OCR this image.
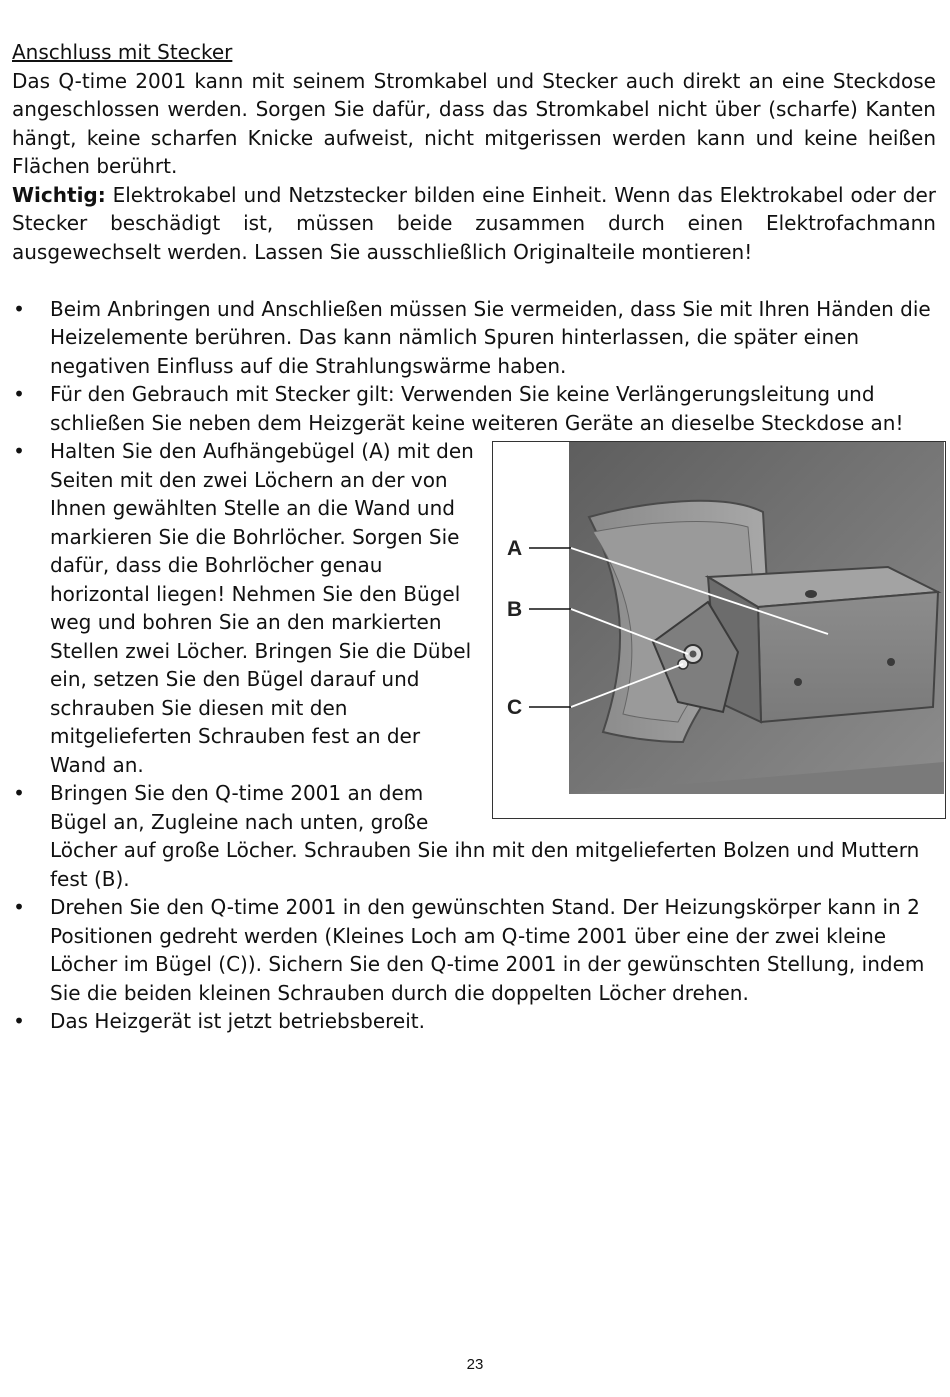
Anschluss mit Stecker

Das Q-time 2001 kann mit seinem Stromkabel und Stecker auch direkt an eine Steckdose angeschlossen werden. Sorgen Sie dafür, dass das Stromkabel nicht über (scharfe) Kanten hängt, keine scharfen Knicke aufweist, nicht mitgerissen werden kann und keine heißen Flächen berührt.

Wichtig: Elektrokabel und Netzstecker bilden eine Einheit. Wenn das Elektrokabel oder der Stecker beschädigt ist, müssen beide zusammen durch einen Elektrofachmann ausgewechselt werden. Lassen Sie ausschließlich Originalteile montieren!

• Beim Anbringen und Anschließen müssen Sie vermeiden, dass Sie mit Ihren Händen die Heizelemente berühren. Das kann nämlich Spuren hinterlassen, die später einen negativen Einfluss auf die Strahlungswärme haben.
• Für den Gebrauch mit Stecker gilt: Verwenden Sie keine Verlängerungsleitung und schließen Sie neben dem Heizgerät keine weiteren Geräte an dieselbe Steckdose an!
A
B
C
• Halten Sie den Aufhängebügel (A) mit den Seiten mit den zwei Löchern an der von Ihnen gewählten Stelle an die Wand und markieren Sie die Bohrlöcher. Sorgen Sie dafür, dass die Bohrlöcher genau horizontal liegen! Nehmen Sie den Bügel weg und bohren Sie an den markierten Stellen zwei Löcher. Bringen Sie die Dübel ein, setzen Sie den Bügel darauf und schrauben Sie diesen mit den mitgelieferten Schrauben fest an der Wand an.
• Bringen Sie den Q-time 2001 an dem Bügel an, Zugleine nach unten, große Löcher auf große Löcher. Schrauben Sie ihn mit den mitgelieferten Bolzen und Muttern fest (B).
• Drehen Sie den Q-time 2001 in den gewünschten Stand. Der Heizungskörper kann in 2 Positionen gedreht werden (Kleines Loch am Q-time 2001 über eine der zwei kleine Löcher im Bügel (C)). Sichern Sie den Q-time 2001 in der gewünschten Stellung, indem Sie die beiden kleinen Schrauben durch die doppelten Löcher drehen.
• Das Heizgerät ist jetzt betriebsbereit.
23
